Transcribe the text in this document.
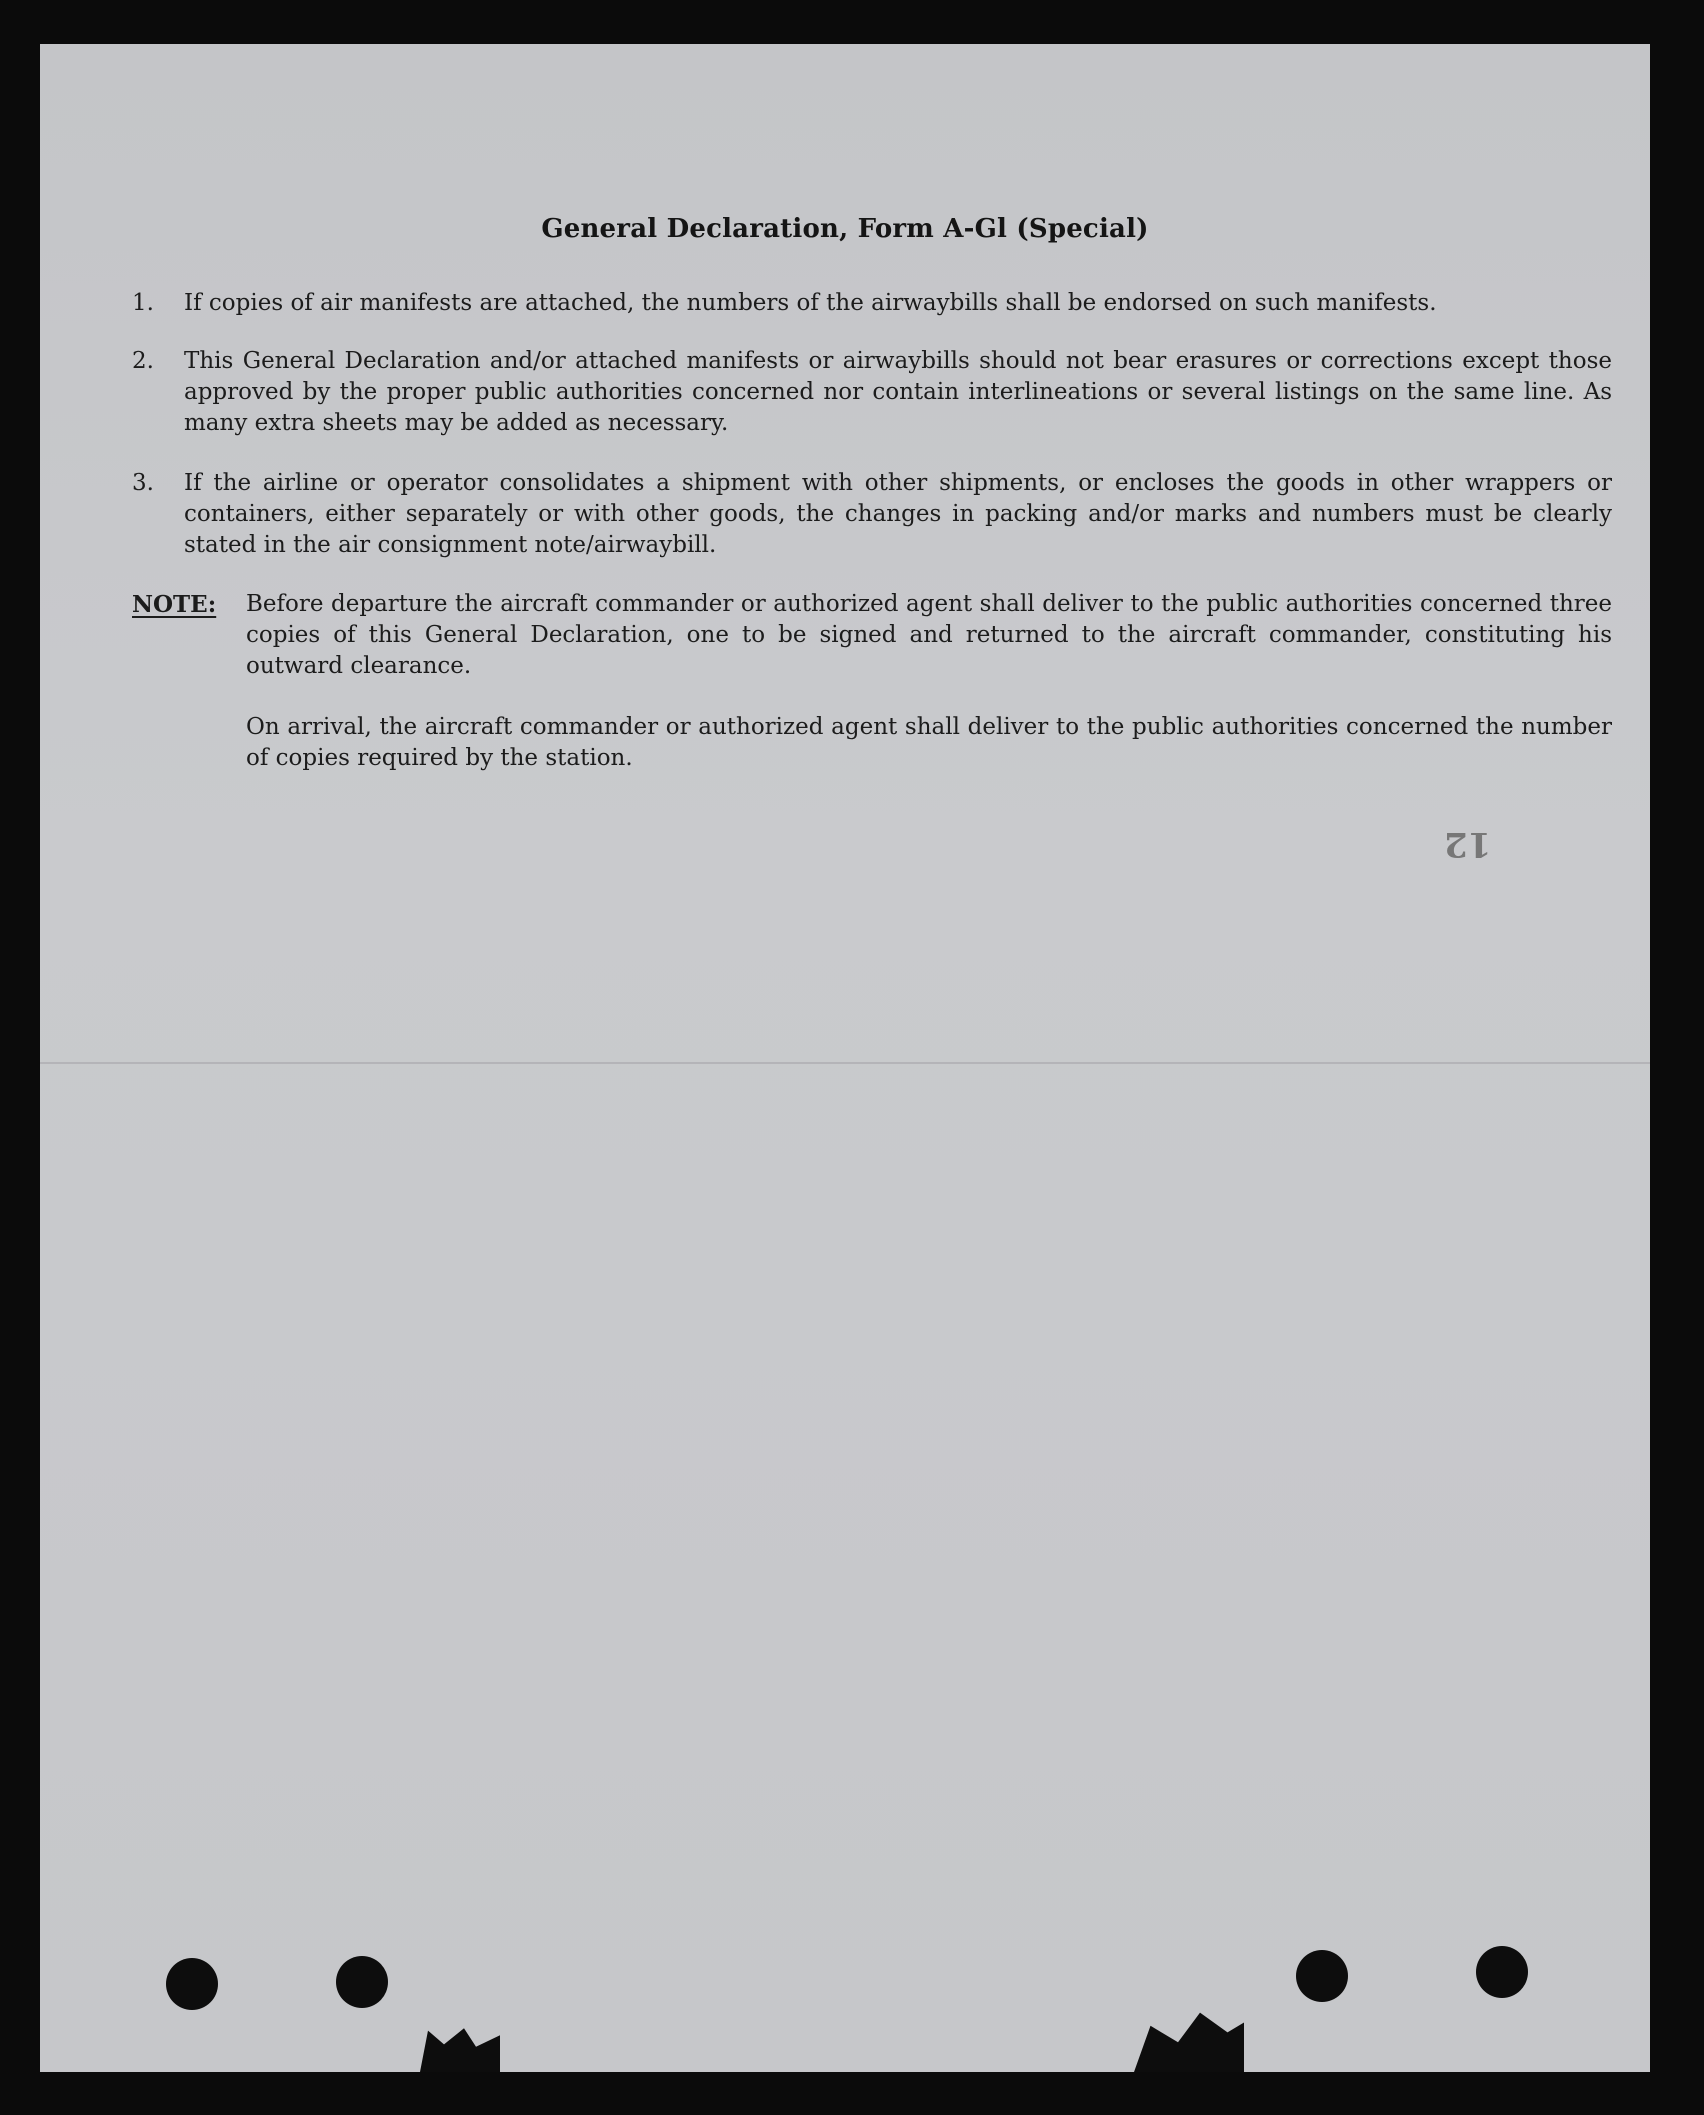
General Declaration, Form A-Gl (Special)
1.	If copies of air manifests are attached, the numbers of the airwaybills shall be endorsed on such manifests.
2.	This General Declaration and/or attached manifests or airwaybills should not bear erasures or corrections except those approved by the proper public authorities concerned nor contain interlineations or several listings on the same line. As many extra sheets may be added as necessary.
3.	If the airline or operator consolidates a shipment with other shipments, or encloses the goods in other wrappers or containers, either separately or with other goods, the changes in packing and/or marks and numbers must be clearly stated in the air consignment note/airwaybill.
NOTE:	Before departure the aircraft commander or authorized agent shall deliver to the public authorities concerned three copies of this General Declaration, one to be signed and returned to the aircraft commander, constituting his outward clearance.
On arrival, the aircraft commander or authorized agent shall deliver to the public authorities concerned the number of copies required by the station.
12
